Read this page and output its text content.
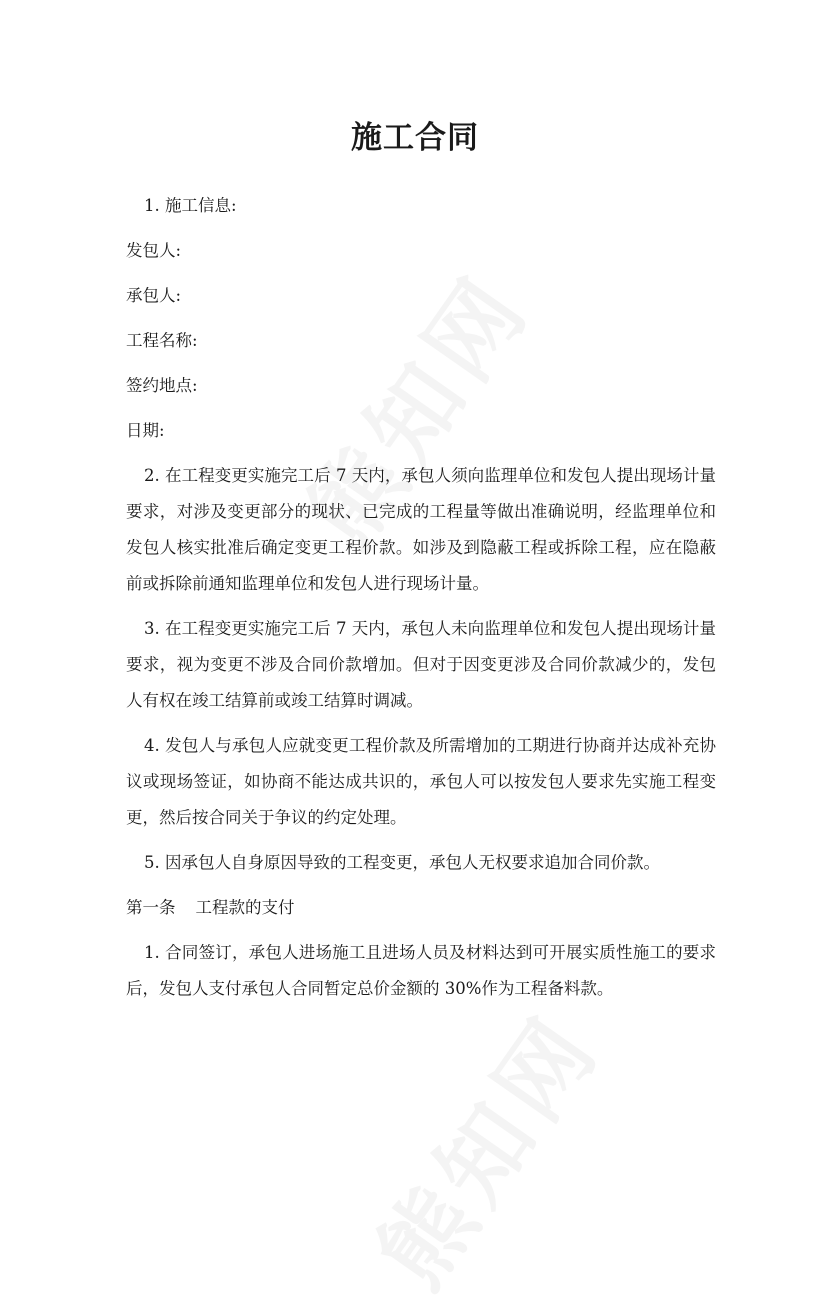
施工合同

1. 施工信息:

发包人:

承包人:

工程名称:

签约地点:

日期:

2. 在工程变更实施完工后 7 天内，承包人须向监理单位和发包人提出现场计量要求，对涉及变更部分的现状、已完成的工程量等做出准确说明，经监理单位和发包人核实批准后确定变更工程价款。如涉及到隐蔽工程或拆除工程，应在隐蔽前或拆除前通知监理单位和发包人进行现场计量。

3. 在工程变更实施完工后 7 天内，承包人未向监理单位和发包人提出现场计量要求，视为变更不涉及合同价款增加。但对于因变更涉及合同价款减少的，发包人有权在竣工结算前或竣工结算时调减。

4. 发包人与承包人应就变更工程价款及所需增加的工期进行协商并达成补充协议或现场签证，如协商不能达成共识的，承包人可以按发包人要求先实施工程变更，然后按合同关于争议的约定处理。

5. 因承包人自身原因导致的工程变更，承包人无权要求追加合同价款。

第一条 工程款的支付

1. 合同签订，承包人进场施工且进场人员及材料达到可开展实质性施工的要求后，发包人支付承包人合同暂定总价金额的 30%作为工程备料款。
